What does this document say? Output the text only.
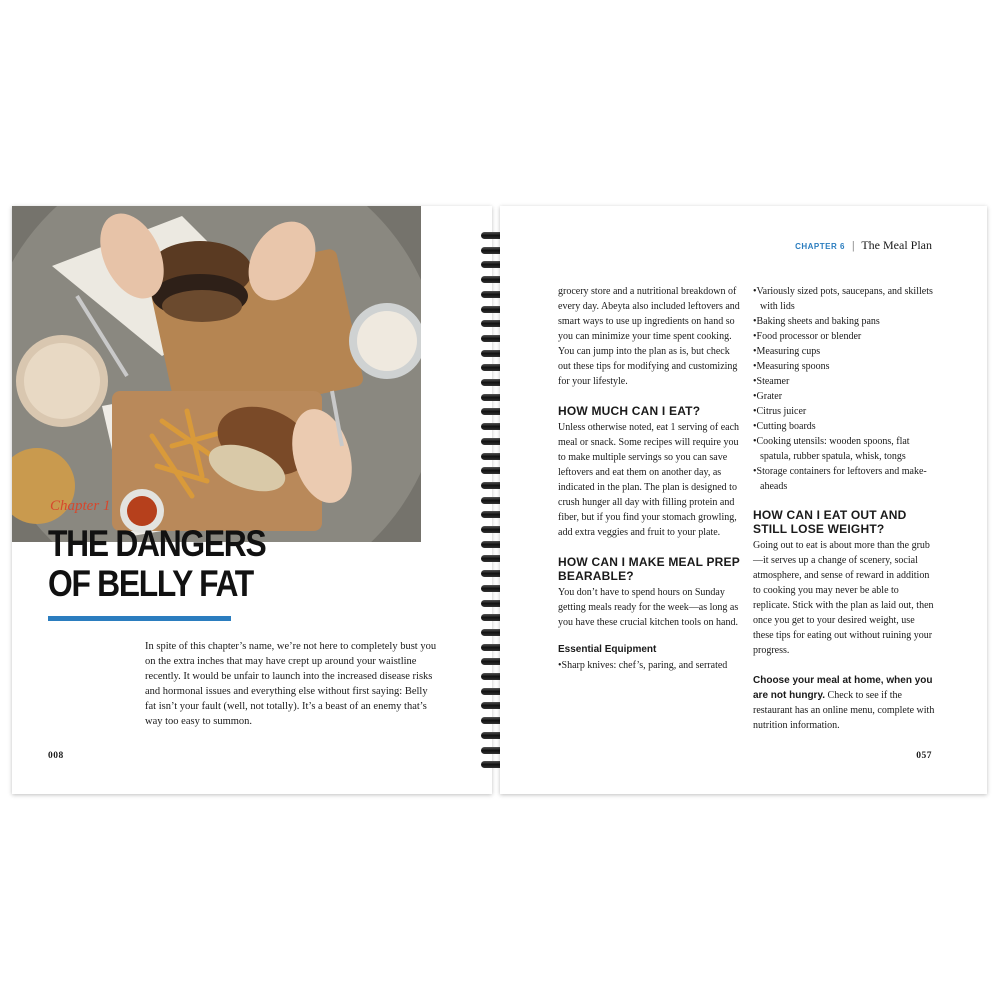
Chapter 1
THE DANGERS
OF BELLY FAT
In spite of this chapter’s name, we’re not here to completely bust you on the extra inches that may have crept up around your waistline recently. It would be unfair to launch into the increased disease risks and hormonal issues and everything else without first saying: Belly fat isn’t your fault (well, not totally). It’s a beast of an enemy that’s way too easy to summon.
008
CHAPTER 6 | The Meal Plan

grocery store and a nutritional breakdown of every day. Abeyta also included leftovers and smart ways to use up ingredients on hand so you can minimize your time spent cooking. You can jump into the plan as is, but check out these tips for modifying and customizing for your lifestyle.

HOW MUCH CAN I EAT?

Unless otherwise noted, eat 1 serving of each meal or snack. Some recipes will require you to make multiple servings so you can save leftovers and eat them on another day, as indicated in the plan. The plan is designed to crush hunger all day with filling protein and fiber, but if you find your stomach growling, add extra veggies and fruit to your plate.

HOW CAN I MAKE MEAL PREP BEARABLE?

You don’t have to spend hours on Sunday getting meals ready for the week—as long as you have these crucial kitchen tools on hand.

Essential Equipment
• Sharp knives: chef’s, paring, and serrated
• Variously sized pots, saucepans, and skillets with lids
• Baking sheets and baking pans
• Food processor or blender
• Measuring cups
• Measuring spoons
• Steamer
• Grater
• Citrus juicer
• Cutting boards
• Cooking utensils: wooden spoons, flat spatula, rubber spatula, whisk, tongs
• Storage containers for leftovers and make-aheads
HOW CAN I EAT OUT AND STILL LOSE WEIGHT?

Going out to eat is about more than the grub—it serves up a change of scenery, social atmosphere, and sense of reward in addition to cooking you may never be able to replicate. Stick with the plan as laid out, then once you get to your desired weight, use these tips for eating out without ruining your progress.

Choose your meal at home, when you are not hungry. Check to see if the restaurant has an online menu, complete with nutrition information.

057
